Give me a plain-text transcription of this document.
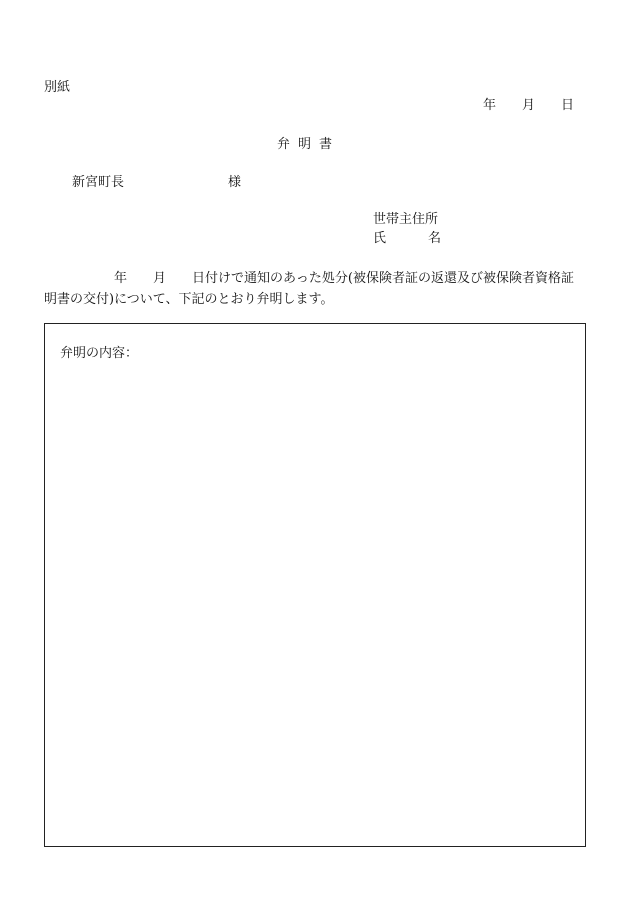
別紙
年 月 日
弁明書
新宮町長	様
世帯主住所
氏	名
年 月 日付けで通知のあった処分(被保険者証の返還及び被保険者資格証明書の交付)について、下記のとおり弁明します。
弁明の内容：
